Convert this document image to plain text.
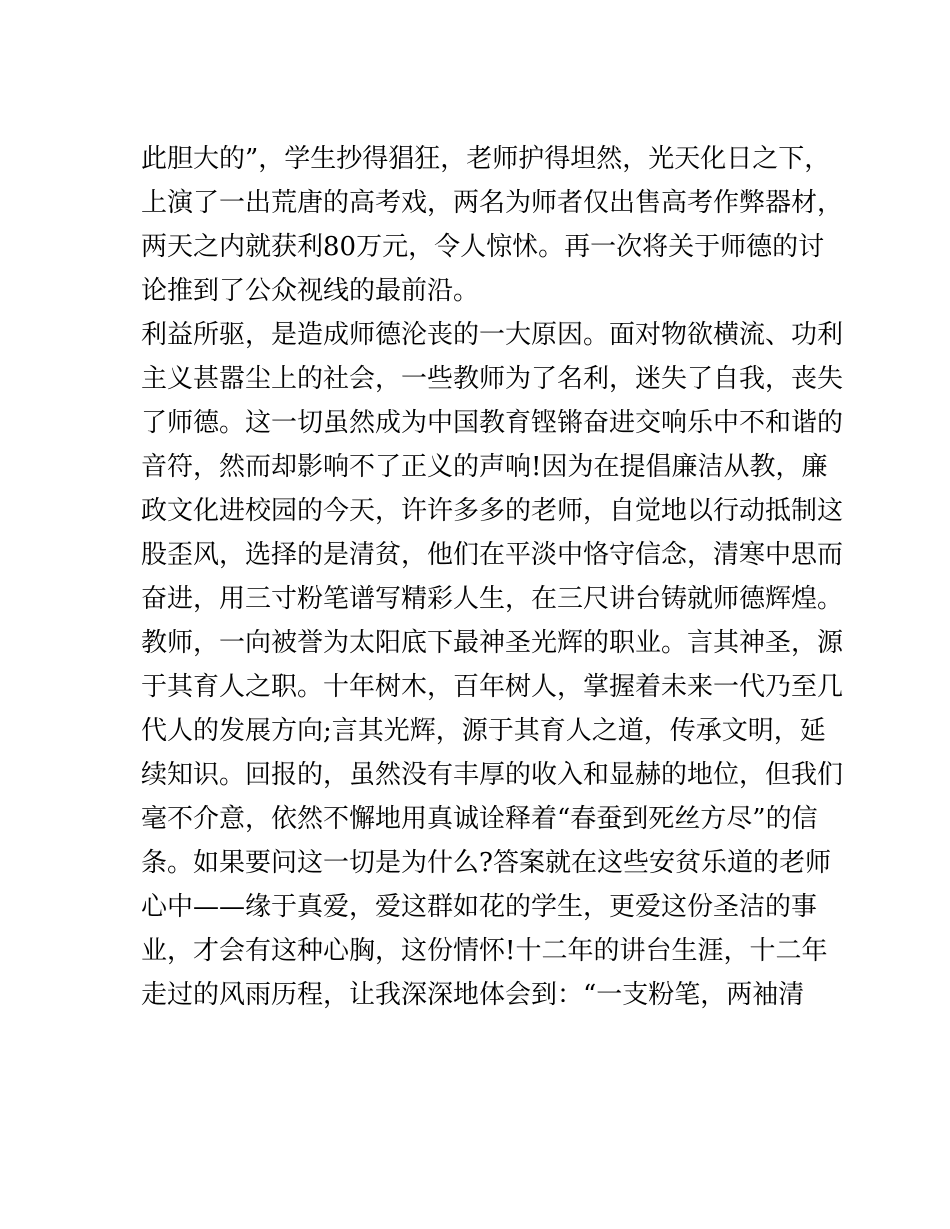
此胆大的”，学生抄得猖狂，老师护得坦然，光天化日之下，

上演了一出荒唐的高考戏，两名为师者仅出售高考作弊器材，

两天之内就获利80万元，令人惊怵。再一次将关于师德的讨

论推到了公众视线的最前沿。

利益所驱，是造成师德沦丧的一大原因。面对物欲横流、功利

主义甚嚣尘上的社会，一些教师为了名利，迷失了自我，丧失

了师德。这一切虽然成为中国教育铿锵奋进交响乐中不和谐的

音符，然而却影响不了正义的声响!因为在提倡廉洁从教，廉

政文化进校园的今天，许许多多的老师，自觉地以行动抵制这

股歪风，选择的是清贫，他们在平淡中恪守信念，清寒中思而

奋进，用三寸粉笔谱写精彩人生，在三尺讲台铸就师德辉煌。

教师，一向被誉为太阳底下最神圣光辉的职业。言其神圣，源

于其育人之职。十年树木，百年树人，掌握着未来一代乃至几

代人的发展方向;言其光辉，源于其育人之道，传承文明，延

续知识。回报的，虽然没有丰厚的收入和显赫的地位，但我们

毫不介意，依然不懈地用真诚诠释着“春蚕到死丝方尽”的信

条。如果要问这一切是为什么?答案就在这些安贫乐道的老师

心中——缘于真爱，爱这群如花的学生，更爱这份圣洁的事

业，才会有这种心胸，这份情怀!十二年的讲台生涯，十二年

走过的风雨历程，让我深深地体会到：“一支粉笔，两袖清
